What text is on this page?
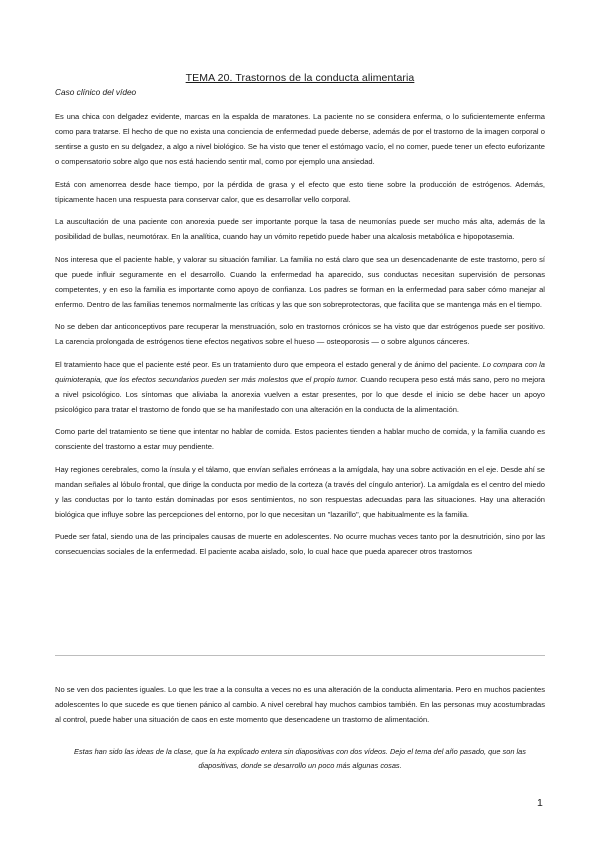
TEMA 20. Trastornos de la conducta alimentaria
Caso clínico del vídeo

Es una chica con delgadez evidente, marcas en la espalda de maratones. La paciente no se considera enferma, o lo suficientemente enferma como para tratarse. El hecho de que no exista una conciencia de enfermedad puede deberse, además de por el trastorno de la imagen corporal o sentirse a gusto en su delgadez, a algo a nivel biológico. Se ha visto que tener el estómago vacío, el no comer, puede tener un efecto euforizante o compensatorio sobre algo que nos está haciendo sentir mal, como por ejemplo una ansiedad.

Está con amenorrea desde hace tiempo, por la pérdida de grasa y el efecto que esto tiene sobre la producción de estrógenos. Además, típicamente hacen una respuesta para conservar calor, que es desarrollar vello corporal.

La auscultación de una paciente con anorexia puede ser importante porque la tasa de neumonías puede ser mucho más alta, además de la posibilidad de bullas, neumotórax. En la analítica, cuando hay un vómito repetido puede haber una alcalosis metabólica e hipopotasemia.

Nos interesa que el paciente hable, y valorar su situación familiar. La familia no está claro que sea un desencadenante de este trastorno, pero sí que puede influir seguramente en el desarrollo. Cuando la enfermedad ha aparecido, sus conductas necesitan supervisión de personas competentes, y en eso la familia es importante como apoyo de confianza. Los padres se forman en la enfermedad para saber cómo manejar al enfermo. Dentro de las familias tenemos normalmente las críticas y las que son sobreprotectoras, que facilita que se mantenga más en el tiempo.

No se deben dar anticonceptivos pare recuperar la menstruación, solo en trastornos crónicos se ha visto que dar estrógenos puede ser positivo. La carencia prolongada de estrógenos tiene efectos negativos sobre el hueso — osteoporosis — o sobre algunos cánceres.

El tratamiento hace que el paciente esté peor. Es un tratamiento duro que empeora el estado general y de ánimo del paciente. Lo compara con la quimioterapia, que los efectos secundarios pueden ser más molestos que el propio tumor. Cuando recupera peso está más sano, pero no mejora a nivel psicológico. Los síntomas que aliviaba la anorexia vuelven a estar presentes, por lo que desde el inicio se debe hacer un apoyo psicológico para tratar el trastorno de fondo que se ha manifestado con una alteración en la conducta de la alimentación.

Como parte del tratamiento se tiene que intentar no hablar de comida. Estos pacientes tienden a hablar mucho de comida, y la familia cuando es consciente del trastorno a estar muy pendiente.

Hay regiones cerebrales, como la ínsula y el tálamo, que envían señales erróneas a la amígdala, hay una sobre activación en el eje. Desde ahí se mandan señales al lóbulo frontal, que dirige la conducta por medio de la corteza (a través del cíngulo anterior). La amígdala es el centro del miedo y las conductas por lo tanto están dominadas por esos sentimientos, no son respuestas adecuadas para las situaciones. Hay una alteración biológica que influye sobre las percepciones del entorno, por lo que necesitan un "lazarillo", que habitualmente es la familia.

Puede ser fatal, siendo una de las principales causas de muerte en adolescentes. No ocurre muchas veces tanto por la desnutrición, sino por las consecuencias sociales de la enfermedad. El paciente acaba aislado, solo, lo cual hace que pueda aparecer otros trastornos

No se ven dos pacientes iguales. Lo que les trae a la consulta a veces no es una alteración de la conducta alimentaria. Pero en muchos pacientes adolescentes lo que sucede es que tienen pánico al cambio. A nivel cerebral hay muchos cambios también. En las personas muy acostumbradas al control, puede haber una situación de caos en este momento que desencadene un trastorno de alimentación.

Estas han sido las ideas de la clase, que la ha explicado entera sin diapositivas con dos vídeos. Dejo el tema del año pasado, que son las diapositivas, donde se desarrollo un poco más algunas cosas.
1
